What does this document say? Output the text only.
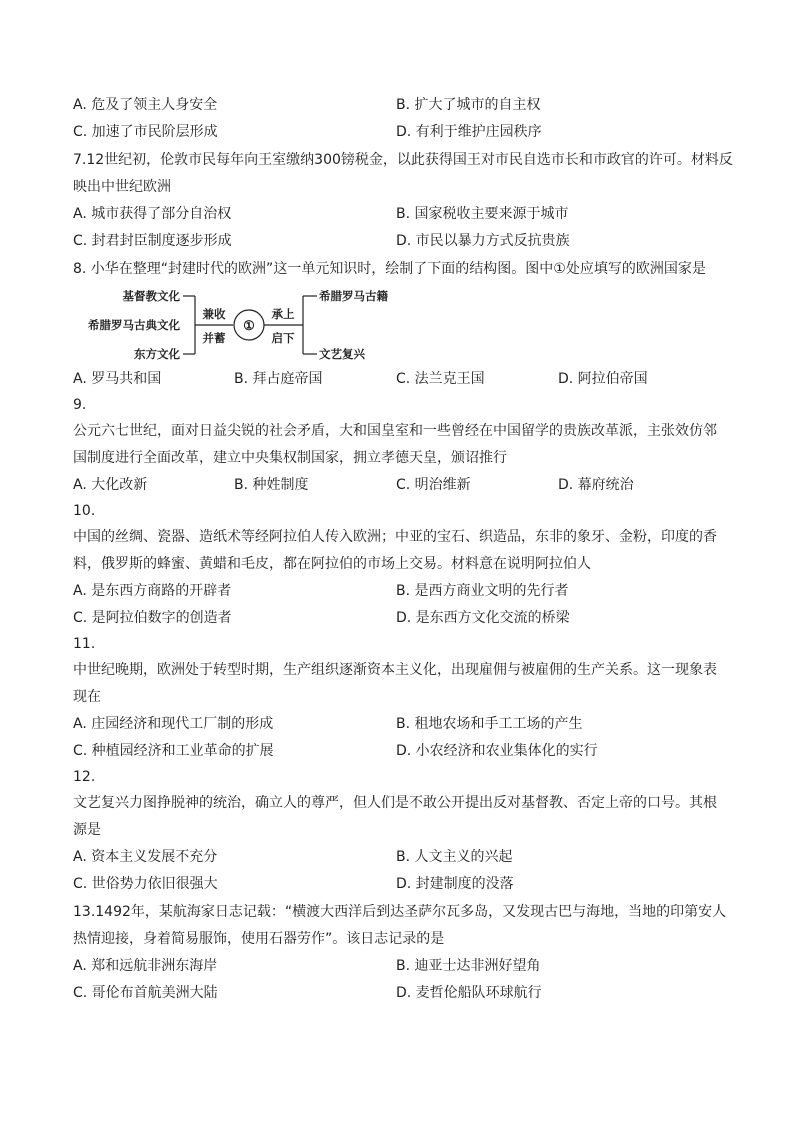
A. 危及了领主人身安全	B. 扩大了城市的自主权
C. 加速了市民阶层形成	D. 有利于维护庄园秩序
7.12世纪初，伦敦市民每年向王室缴纳300镑税金，以此获得国王对市民自选市长和市政官的许可。材料反
映出中世纪欧洲
A. 城市获得了部分自治权	B. 国家税收主要来源于城市
C. 封君封臣制度逐步形成	D. 市民以暴力方式反抗贵族
8. 小华在整理“封建时代的欧洲”这一单元知识时，绘制了下面的结构图。图中①处应填写的欧洲国家是
基督教文化
希腊罗马古典文化
东方文化
兼收
并蓄
①
承上
启下
希腊罗马古籍
文艺复兴
A. 罗马共和国	B. 拜占庭帝国	C. 法兰克王国	D. 阿拉伯帝国
9.
公元六七世纪，面对日益尖锐的社会矛盾，大和国皇室和一些曾经在中国留学的贵族改革派，主张效仿邻
国制度进行全面改革，建立中央集权制国家，拥立孝德天皇，颁诏推行
A. 大化改新	B. 种姓制度	C. 明治维新	D. 幕府统治
10.
中国的丝绸、瓷器、造纸术等经阿拉伯人传入欧洲；中亚的宝石、织造品，东非的象牙、金粉，印度的香
料，俄罗斯的蜂蜜、黄蜡和毛皮，都在阿拉伯的市场上交易。材料意在说明阿拉伯人
A. 是东西方商路的开辟者	B. 是西方商业文明的先行者
C. 是阿拉伯数字的创造者	D. 是东西方文化交流的桥梁
11.
中世纪晚期，欧洲处于转型时期，生产组织逐渐资本主义化，出现雇佣与被雇佣的生产关系。这一现象表
现在
A. 庄园经济和现代工厂制的形成	B. 租地农场和手工工场的产生
C. 种植园经济和工业革命的扩展	D. 小农经济和农业集体化的实行
12.
文艺复兴力图挣脱神的统治，确立人的尊严，但人们是不敢公开提出反对基督教、否定上帝的口号。其根
源是
A. 资本主义发展不充分	B. 人文主义的兴起
C. 世俗势力依旧很强大	D. 封建制度的没落
13.1492年，某航海家日志记载：“横渡大西洋后到达圣萨尔瓦多岛，又发现古巴与海地，当地的印第安人
热情迎接，身着简易服饰，使用石器劳作”。该日志记录的是
A. 郑和远航非洲东海岸	B. 迪亚士达非洲好望角
C. 哥伦布首航美洲大陆	D. 麦哲伦船队环球航行
